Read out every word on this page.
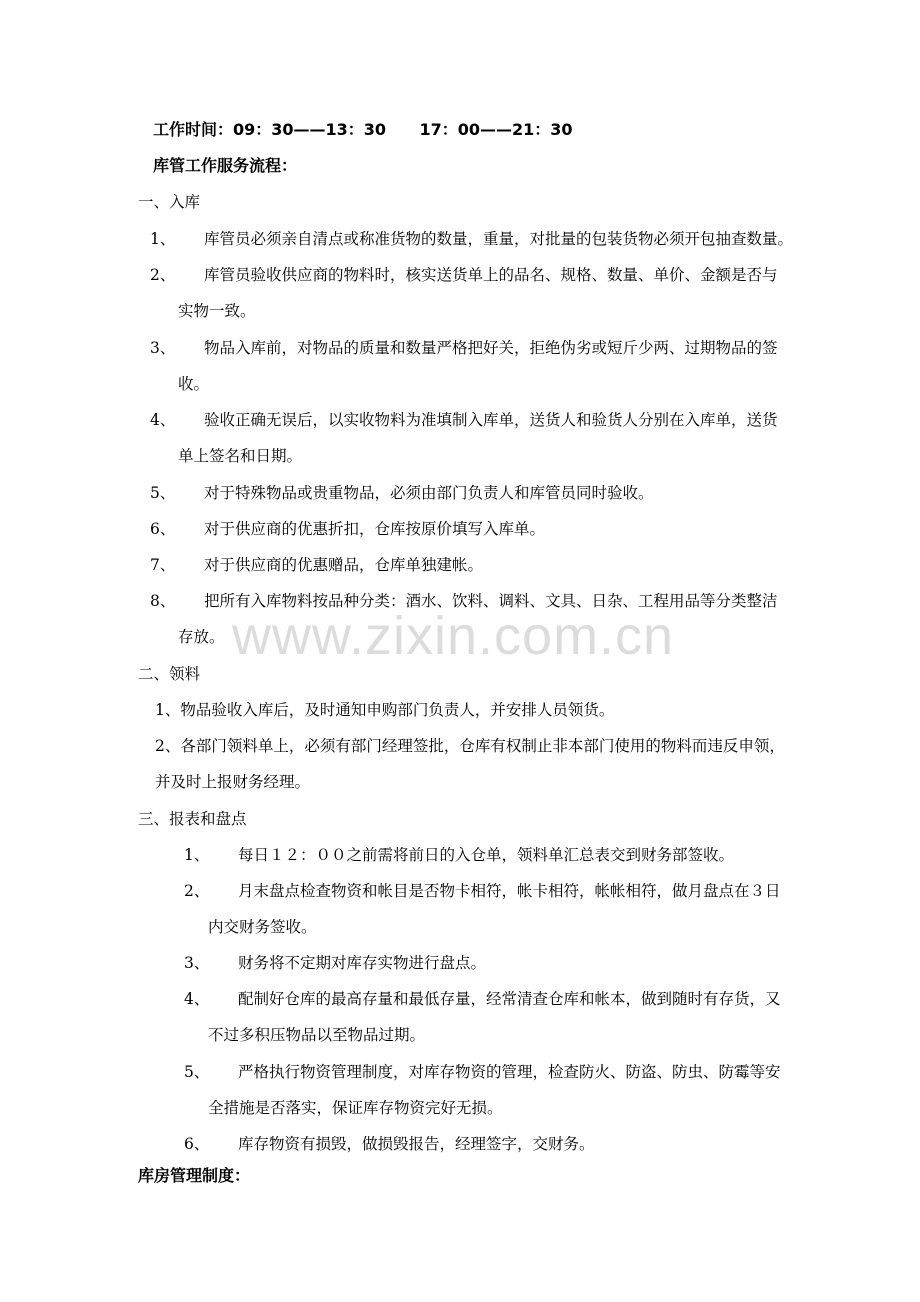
工作时间：09：30——13：30      17：00——21：30
库管工作服务流程：
一、入库
1、 库管员必须亲自清点或称准货物的数量，重量，对批量的包装货物必须开包抽查数量。
2、 库管员验收供应商的物料时，核实送货单上的品名、规格、数量、单价、金额是否与
实物一致。
3、 物品入库前，对物品的质量和数量严格把好关，拒绝伪劣或短斤少两、过期物品的签
收。
4、 验收正确无误后，以实收物料为准填制入库单，送货人和验货人分别在入库单，送货
单上签名和日期。
5、 对于特殊物品或贵重物品，必须由部门负责人和库管员同时验收。
6、 对于供应商的优惠折扣，仓库按原价填写入库单。
7、 对于供应商的优惠赠品，仓库单独建帐。
8、 把所有入库物料按品种分类：酒水、饮料、调料、文具、日杂、工程用品等分类整洁
存放。
二、领料
1、物品验收入库后，及时通知申购部门负责人，并安排人员领货。
2、各部门领料单上，必须有部门经理签批，仓库有权制止非本部门使用的物料而违反申领，
并及时上报财务经理。
三、报表和盘点
1、 每日１２：００之前需将前日的入仓单，领料单汇总表交到财务部签收。
2、 月末盘点检查物资和帐目是否物卡相符，帐卡相符，帐帐相符，做月盘点在３日
内交财务签收。
3、 财务将不定期对库存实物进行盘点。
4、 配制好仓库的最高存量和最低存量，经常清查仓库和帐本，做到随时有存货，又
不过多积压物品以至物品过期。
5、 严格执行物资管理制度，对库存物资的管理，检查防火、防盗、防虫、防霉等安
全措施是否落实，保证库存物资完好无损。
6、 库存物资有损毁，做损毁报告，经理签字，交财务。
库房管理制度：
www.zixin.com.cn
